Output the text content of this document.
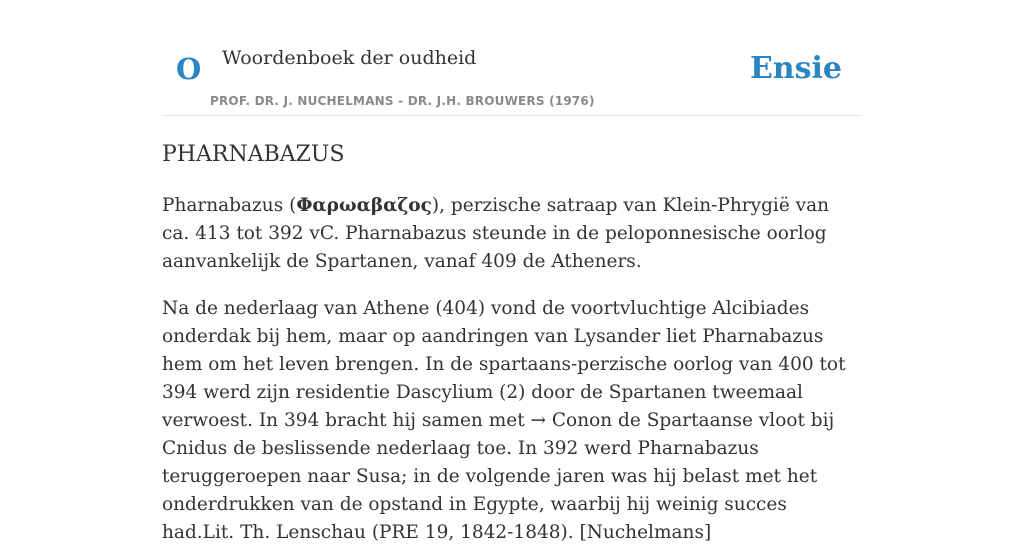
O Woordenboek der oudheid
PROF. DR. J. NUCHELMANS - DR. J.H. BROUWERS (1976)
Ensie
PHARNABAZUS

Pharnabazus (Φαρωαβαζος), perzische satraap van Klein-Phrygië van ca. 413 tot 392 vC. Pharnabazus steunde in de peloponnesische oorlog aanvankelijk de Spartanen, vanaf 409 de Atheners.

Na de nederlaag van Athene (404) vond de voortvluchtige Alcibiades onderdak bij hem, maar op aandringen van Lysander liet Pharnabazus hem om het leven brengen. In de spartaans-perzische oorlog van 400 tot 394 werd zijn residentie Dascylium (2) door de Spartanen tweemaal verwoest. In 394 bracht hij samen met → Conon de Spartaanse vloot bij Cnidus de beslissende nederlaag toe. In 392 werd Pharnabazus teruggeroepen naar Susa; in de volgende jaren was hij belast met het onderdrukken van de opstand in Egypte, waarbij hij weinig succes had.Lit. Th. Lenschau (PRE 19, 1842-1848). [Nuchelmans]
